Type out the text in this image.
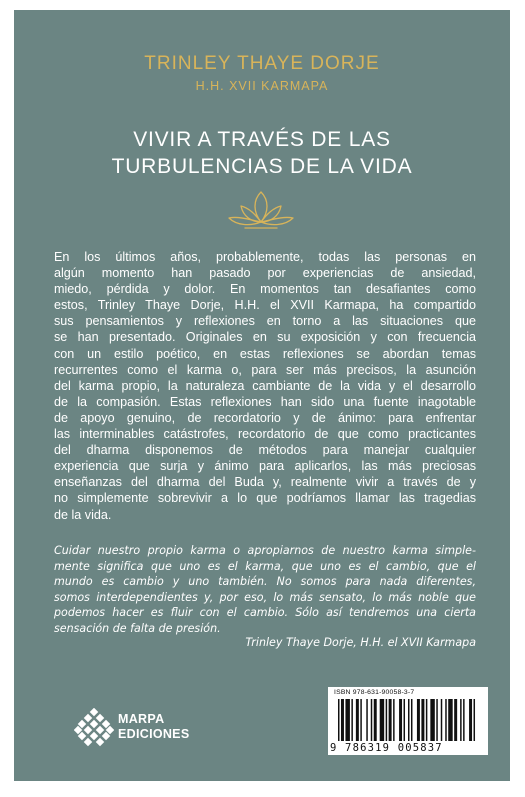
TRINLEY THAYE DORJE
H.H. XVII KARMAPA
VIVIR A TRAVÉS DE LAS
TURBULENCIAS DE LA VIDA
En los últimos años, probablemente, todas las personas en
algún momento han pasado por experiencias de ansiedad,
miedo, pérdida y dolor. En momentos tan desafiantes como
estos, Trinley Thaye Dorje, H.H. el XVII Karmapa, ha compartido
sus pensamientos y reflexiones en torno a las situaciones que
se han presentado. Originales en su exposición y con frecuencia
con un estilo poético, en estas reflexiones se abordan temas
recurrentes como el karma o, para ser más precisos, la asunción
del karma propio, la naturaleza cambiante de la vida y el desarrollo
de la compasión. Estas reflexiones han sido una fuente inagotable
de apoyo genuino, de recordatorio y de ánimo: para enfrentar
las interminables catástrofes, recordatorio de que como practicantes
del dharma disponemos de métodos para manejar cualquier
experiencia que surja y ánimo para aplicarlos, las más preciosas
enseñanzas del dharma del Buda y, realmente vivir a través de y
no simplemente sobrevivir a lo que podríamos llamar las tragedias
de la vida.
Cuidar nuestro propio karma o apropiarnos de nuestro karma simple-
mente significa que uno es el karma, que uno es el cambio, que el
mundo es cambio y uno también. No somos para nada diferentes,
somos interdependientes y, por eso, lo más sensato, lo más noble que
podemos hacer es fluir con el cambio. Sólo así tendremos una cierta
sensación de falta de presión.
Trinley Thaye Dorje, H.H. el XVII Karmapa
MARPA
EDICIONES
ISBN 978-631-90058-3-7
9 786319 005837
